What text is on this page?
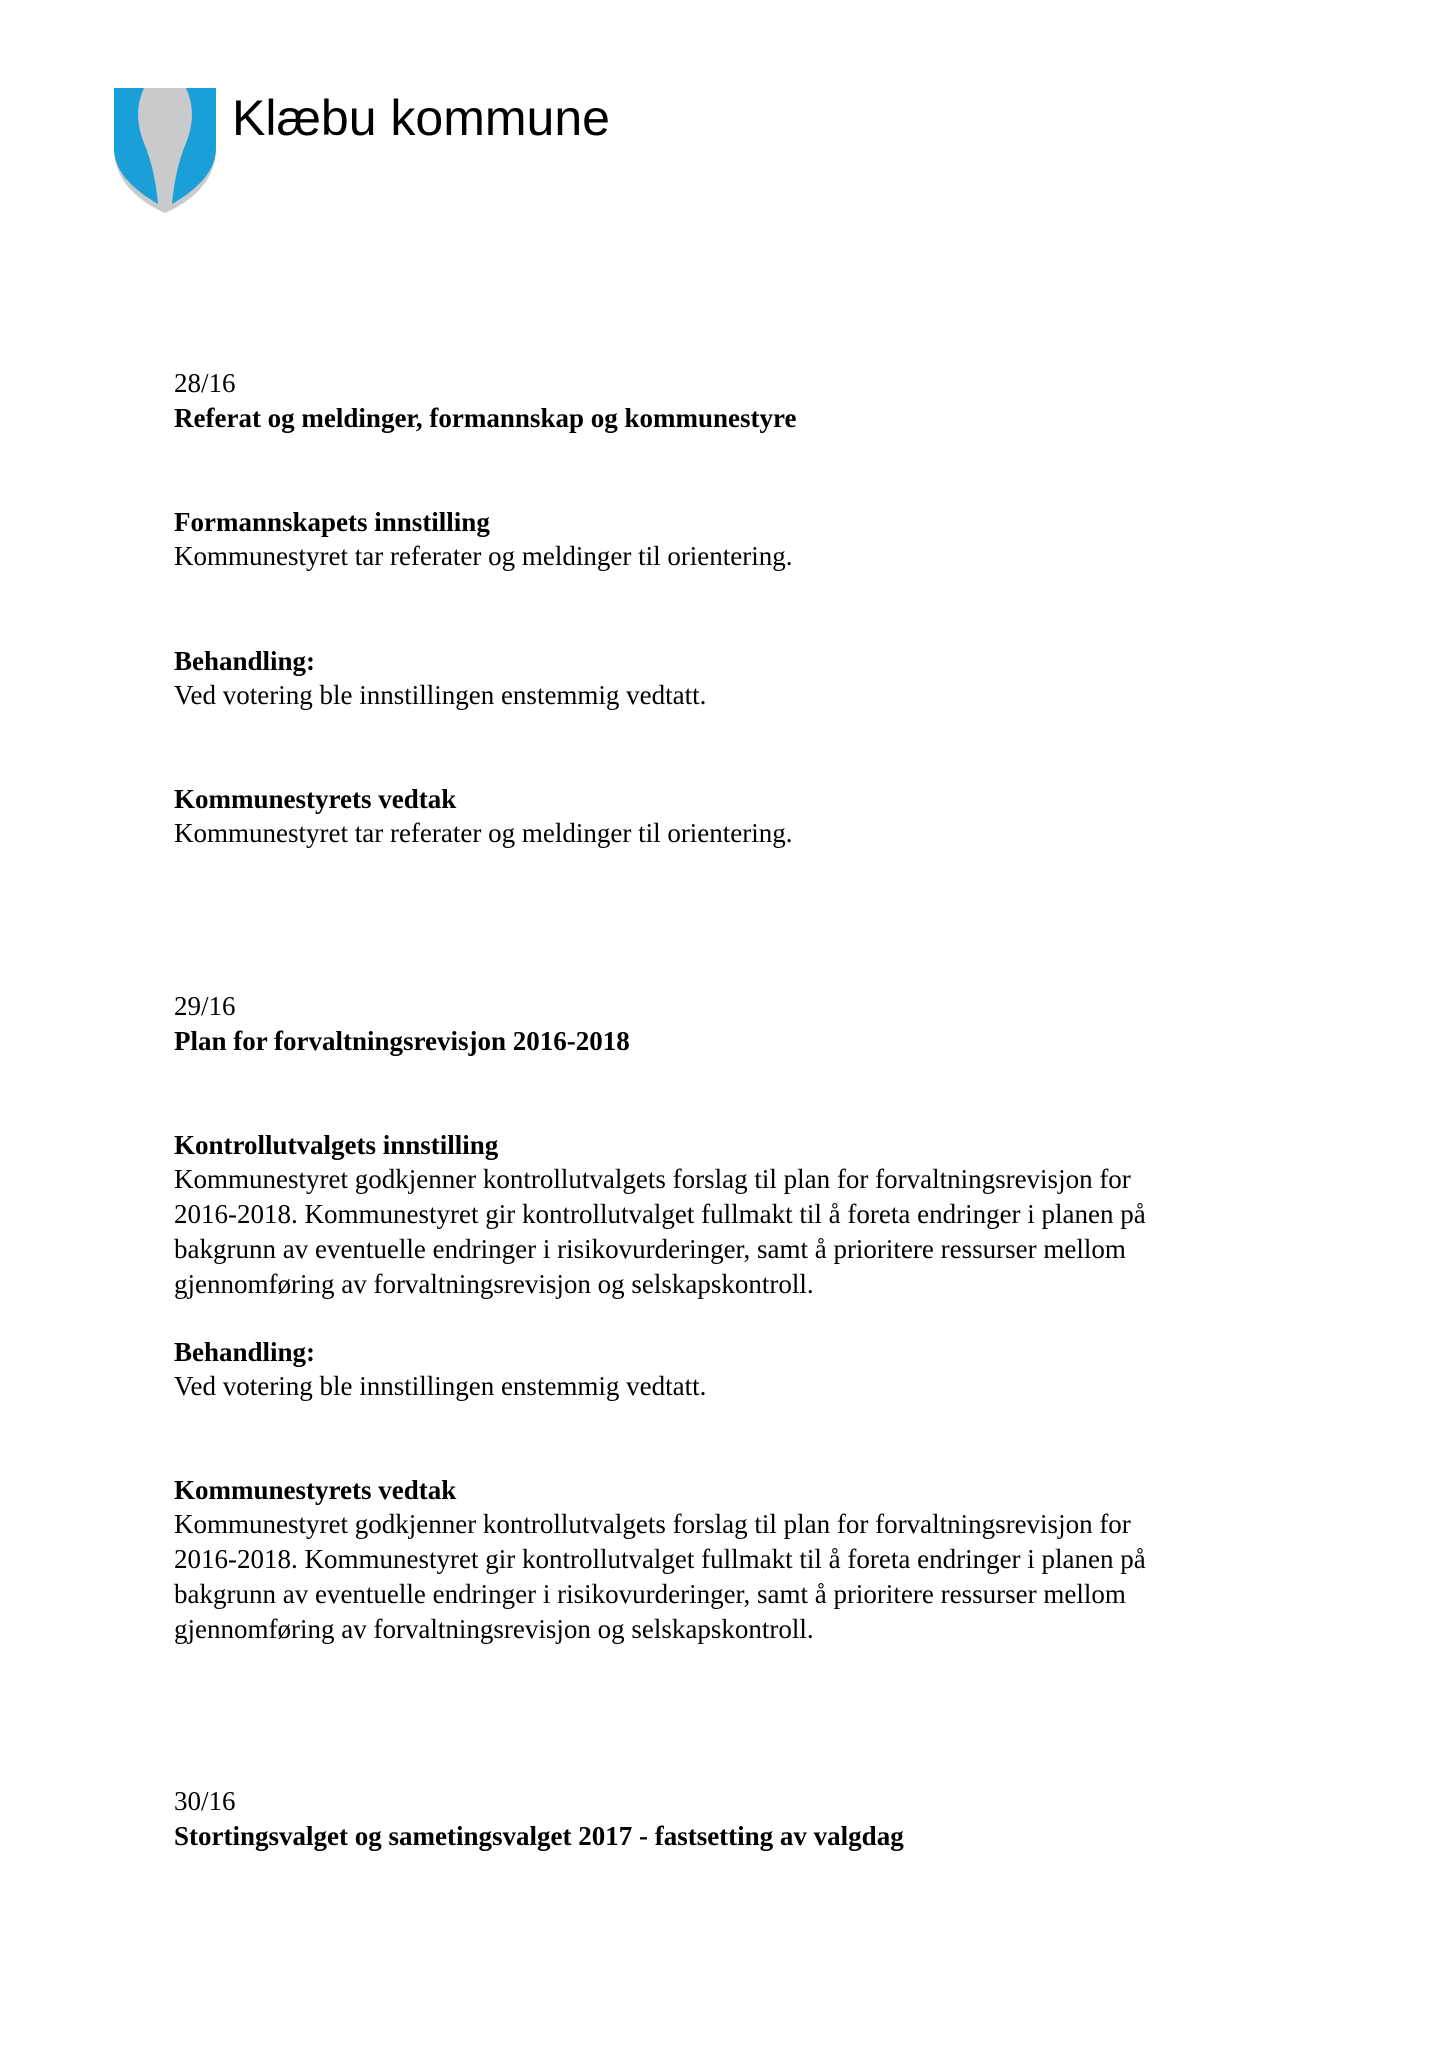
Klæbu kommune
28/16
Referat og meldinger, formannskap og kommunestyre
Formannskapets innstilling
Kommunestyret tar referater og meldinger til orientering.
Behandling:
Ved votering ble innstillingen enstemmig vedtatt.
Kommunestyrets vedtak
Kommunestyret tar referater og meldinger til orientering.
29/16
Plan for forvaltningsrevisjon 2016-2018
Kontrollutvalgets innstilling
Kommunestyret godkjenner kontrollutvalgets forslag til plan for forvaltningsrevisjon for
2016-2018. Kommunestyret gir kontrollutvalget fullmakt til å foreta endringer i planen på
bakgrunn av eventuelle endringer i risikovurderinger, samt å prioritere ressurser mellom
gjennomføring av forvaltningsrevisjon og selskapskontroll.
Behandling:
Ved votering ble innstillingen enstemmig vedtatt.
Kommunestyrets vedtak
Kommunestyret godkjenner kontrollutvalgets forslag til plan for forvaltningsrevisjon for
2016-2018. Kommunestyret gir kontrollutvalget fullmakt til å foreta endringer i planen på
bakgrunn av eventuelle endringer i risikovurderinger, samt å prioritere ressurser mellom
gjennomføring av forvaltningsrevisjon og selskapskontroll.
30/16
Stortingsvalget og sametingsvalget 2017 - fastsetting av valgdag
